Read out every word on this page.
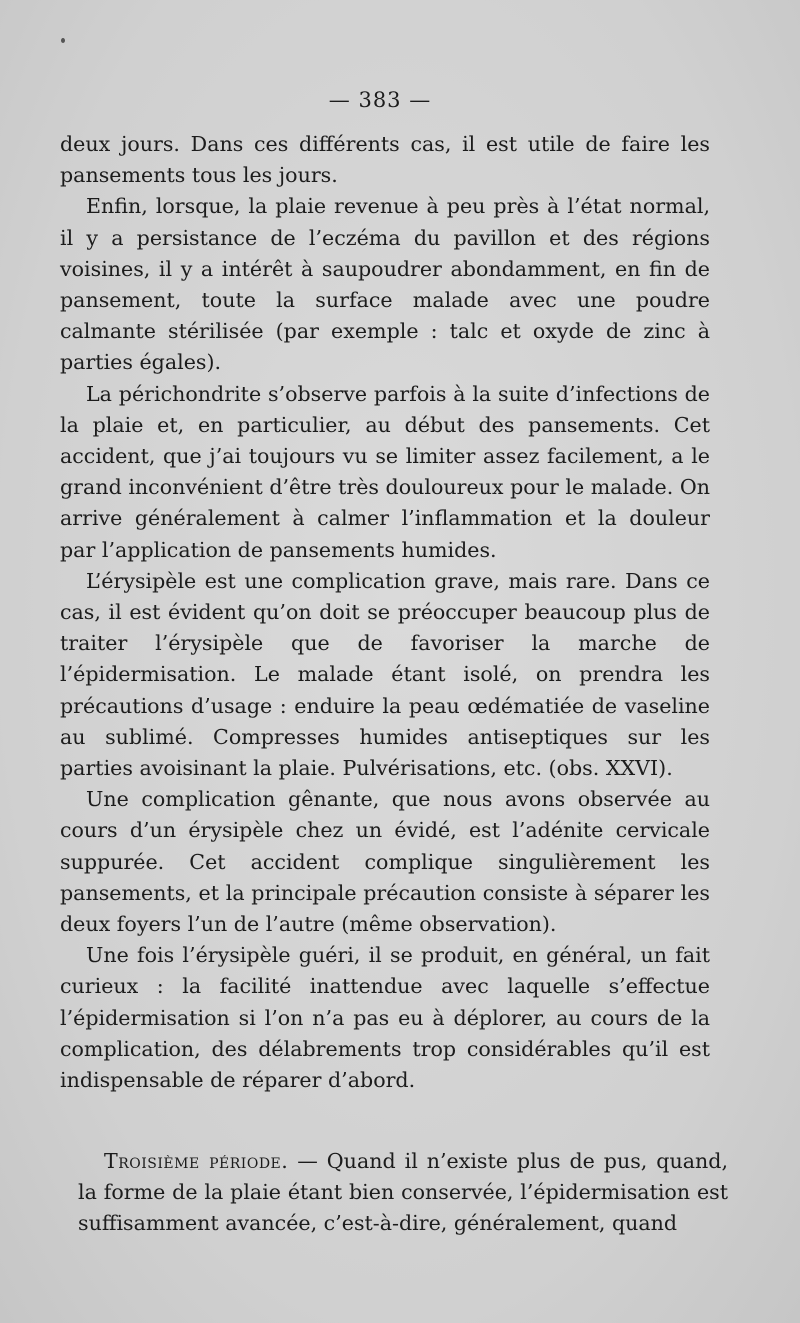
— 383 —

deux jours. Dans ces différents cas, il est utile de faire les pansements tous les jours.

Enfin, lorsque, la plaie revenue à peu près à l’état normal, il y a persistance de l’eczéma du pavillon et des régions voisines, il y a intérêt à saupoudrer abondamment, en fin de pansement, toute la surface malade avec une poudre calmante stérilisée (par exemple : talc et oxyde de zinc à parties égales).

La périchondrite s’observe parfois à la suite d’infections de la plaie et, en particulier, au début des pansements. Cet accident, que j’ai toujours vu se limiter assez facilement, a le grand inconvénient d’être très douloureux pour le malade. On arrive généralement à calmer l’inflammation et la douleur par l’application de pansements humides.

L’érysipèle est une complication grave, mais rare. Dans ce cas, il est évident qu’on doit se préoccuper beaucoup plus de traiter l’érysipèle que de favoriser la marche de l’épidermisation. Le malade étant isolé, on prendra les précautions d’usage : enduire la peau œdématiée de vaseline au sublimé. Compresses humides antiseptiques sur les parties avoisinant la plaie. Pulvérisations, etc. (obs. XXVI).

Une complication gênante, que nous avons observée au cours d’un érysipèle chez un évidé, est l’adénite cervicale suppurée. Cet accident complique singulièrement les pansements, et la principale précaution consiste à séparer les deux foyers l’un de l’autre (même observation).

Une fois l’érysipèle guéri, il se produit, en général, un fait curieux : la facilité inattendue avec laquelle s’effectue l’épidermisation si l’on n’a pas eu à déplorer, au cours de la complication, des délabrements trop considérables qu’il est indispensable de réparer d’abord.

Troisième période. — Quand il n’existe plus de pus, quand, la forme de la plaie étant bien conservée, l’épidermisation est suffisamment avancée, c’est-à-dire, généralement, quand
